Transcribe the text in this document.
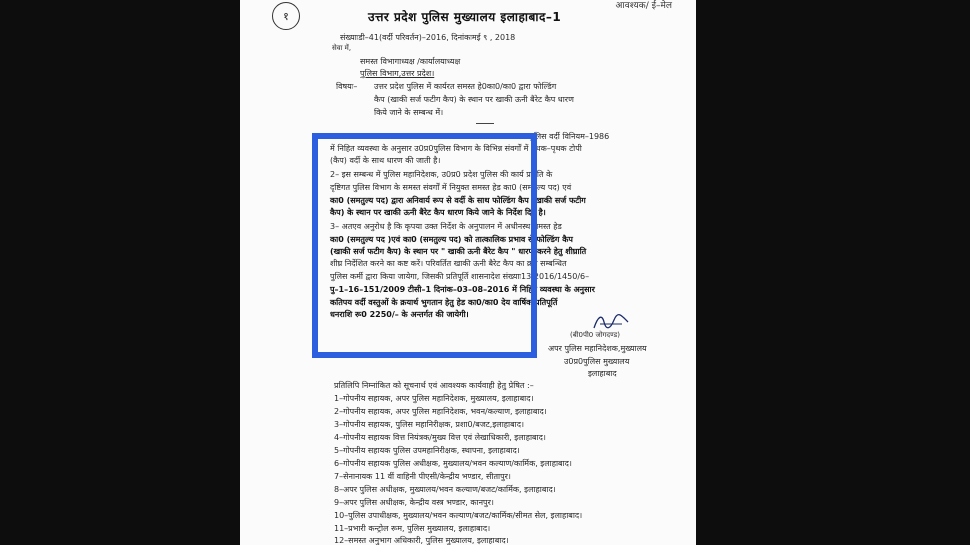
आवश्यक/ ई–मेल
१	उत्तर प्रदेश पुलिस मुख्यालय इलाहाबाद–1
संख्याःडी–41(वर्दी परिवर्तन)–2016, दिनांकःमई ९ , 2018
सेवा में,
समस्त विभागाध्यक्ष /कार्यालयाध्यक्ष
पुलिस विभाग,उत्तर प्रदेश।
विषयः– उत्तर प्रदेश पुलिस में कार्यरत समस्त हे0का0/का0 द्वारा फोल्डिंग
कैप (खाकी सर्ज फटीग कैप) के स्थान पर खाकी ऊनी बैरेट कैप धारण
किये जाने के सम्बन्ध में।
उ0प्र0पुलिस वर्दी विनियम–1986
में निहित व्यवस्था के अनुसार उ0प्र0पुलिस विभाग के विभिन्न संवर्गों में पृथक–पृथक टोपी
(कैप) वर्दी के साथ धारण की जाती है।
2– इस सम्बन्ध में पुलिस महानिदेशक, उ0प्र0 प्रदेश पुलिस की कार्य प्रकृति के
दृष्टिगत पुलिस विभाग के समस्त संवर्गों में नियुक्त समस्त हेड का0 (समतुल्य पद) एवं
का0 (समतुल्य पद) द्वारा अनिवार्य रूप से वर्दी के साथ फोल्डिंग कैप (खाकी सर्ज फटीग
कैप) के स्थान पर खाकी ऊनी बैरेट कैप धारण किये जाने के निर्देश दिए है।
3– अतएव अनुरोध है कि कृपया उक्त निर्देश के अनुपालन में अधीनस्थ समस्त हेड
का0 (समतुल्य पद )एवं का0 (समतुल्य पद) को तात्कालिक प्रभाव से फोल्डिंग कैप
(खाकी सर्ज फटीग कैप) के स्थान पर " खाकी ऊनी बैरेट कैप " धारण करने हेतु शीघ्राति
शीघ्र निर्देशित करने का कष्ट करें। परिवर्तित खाकी ऊनी बैरेट कैप का क्रय सम्बन्धित
पुलिस कर्मी द्वारा किया जायेगा, जिसकी प्रतिपूर्ति शासनादेश संख्याः13/2016/1450/6–
पु–1–16–151/2009 टीसी–1 दिनांक–03–08–2016 में निहित व्यवस्था के अनुसार
कतिपय वर्दी वस्तुओं के क्रयार्थ भुगतान हेतु हेड का0/का0 देय वार्षिक प्रतिपूर्ति
धनराशि रू0 2250/– के अन्तर्गत की जायेगी।
(बी0पी0 जोगदण्ड)
अपर पुलिस महानिदेशक,मुख्यालय
उ0प्र0पुलिस मुख्यालय
इलाहाबाद
प्रतिलिपि निम्नांकित को सूचनार्थ एवं आवश्यक कार्यवाही हेतु प्रेषित :–
1–गोपनीय सहायक, अपर पुलिस महानिदेशक, मुख्यालय, इलाहाबाद।
2–गोपनीय सहायक, अपर पुलिस महानिदेशक, भवन/कल्याण, इलाहाबाद।
3–गोपनीय सहायक, पुलिस महानिरीक्षक, प्रशा0/बजट,इलाहाबाद।
4–गोपनीय सहायक वित्त नियंत्रक/मुख्य वित्त एवं लेखाधिकारी, इलाहाबाद।
5–गोपनीय सहायक पुलिस उपमहानिरीक्षक, स्थापना, इलाहाबाद।
6–गोपनीय सहायक पुलिस अधीक्षक, मुख्यालय/भवन कल्याण/कार्मिक, इलाहाबाद।
7–सेनानायक 11 वीं वाहिनी पीएसी/केन्द्रीय भण्डार, सीतापुर।
8–अपर पुलिस अधीक्षक, मुख्यालय/भवन कल्याण/बजट/कार्मिक, इलाहाबाद।
9–अपर पुलिस अधीक्षक, केन्द्रीय वस्त्र भण्डार, कानपुर।
10–पुलिस उपाधीक्षक, मुख्यालय/भवन कल्याण/बजट/कार्मिक/सीमत सेल, इलाहाबाद।
11–प्रभारी कन्ट्रोल रूम, पुलिस मुख्यालय, इलाहाबाद।
12–समस्त अनुभाग अधिकारी, पुलिस मुख्यालय, इलाहाबाद।
